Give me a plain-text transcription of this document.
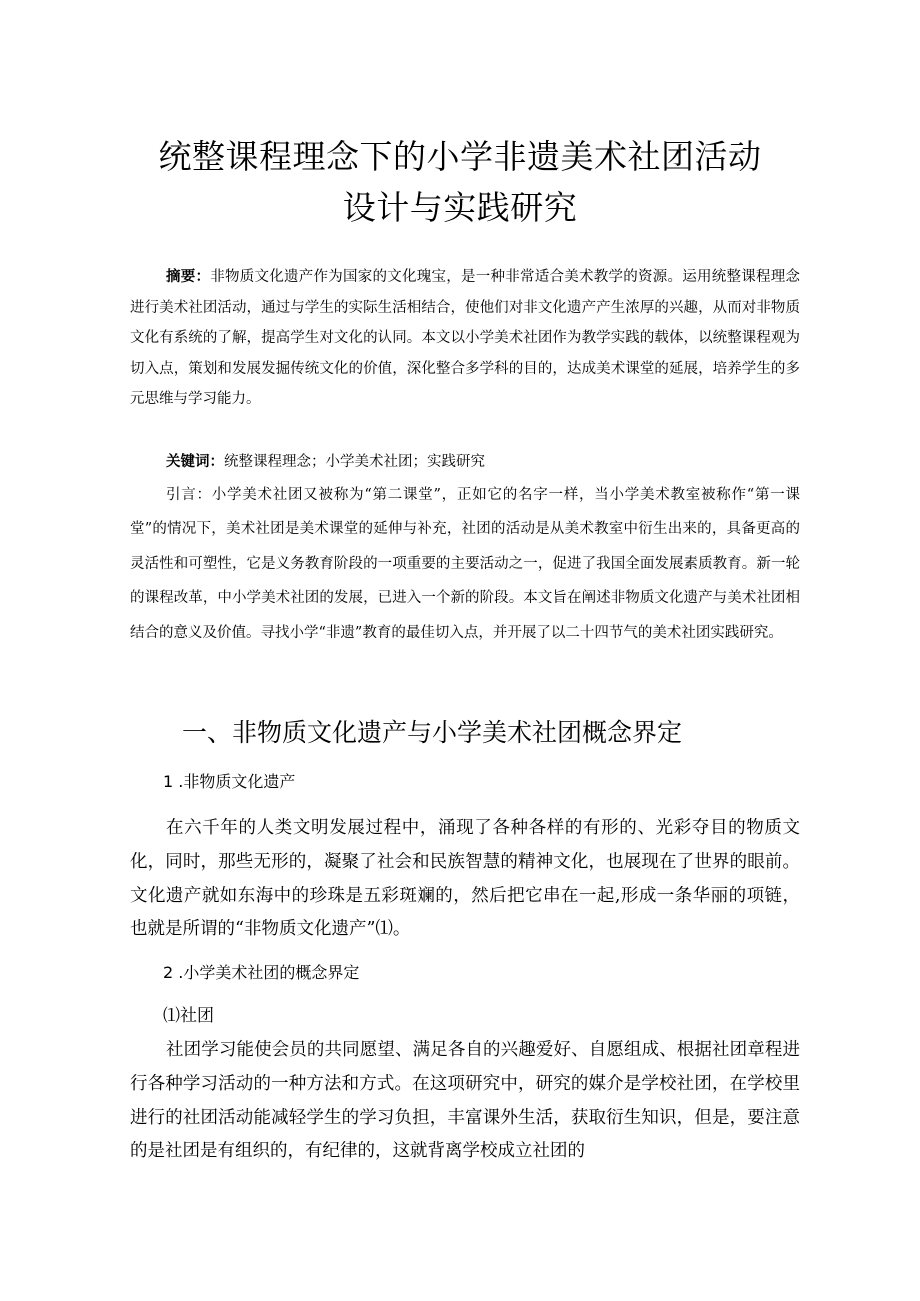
统整课程理念下的小学非遗美术社团活动
设计与实践研究
摘要：非物质文化遗产作为国家的文化瑰宝，是一种非常适合美术教学的资源。运用统整课程理念进行美术社团活动，通过与学生的实际生活相结合，使他们对非文化遗产产生浓厚的兴趣，从而对非物质文化有系统的了解，提高学生对文化的认同。本文以小学美术社团作为教学实践的载体，以统整课程观为切入点，策划和发展发掘传统文化的价值，深化整合多学科的目的，达成美术课堂的延展，培养学生的多元思维与学习能力。
关键词：统整课程理念；小学美术社团；实践研究
引言：小学美术社团又被称为“第二课堂”，正如它的名字一样，当小学美术教室被称作“第一课堂”的情况下，美术社团是美术课堂的延伸与补充，社团的活动是从美术教室中衍生出来的，具备更高的灵活性和可塑性，它是义务教育阶段的一项重要的主要活动之一，促进了我国全面发展素质教育。新一轮的课程改革，中小学美术社团的发展，已进入一个新的阶段。本文旨在阐述非物质文化遗产与美术社团相结合的意义及价值。寻找小学“非遗”教育的最佳切入点，并开展了以二十四节气的美术社团实践研究。
一、非物质文化遗产与小学美术社团概念界定
1 .非物质文化遗产
在六千年的人类文明发展过程中，涌现了各种各样的有形的、光彩夺目的物质文化，同时，那些无形的，凝聚了社会和民族智慧的精神文化，也展现在了世界的眼前。文化遗产就如东海中的珍珠是五彩斑斓的，然后把它串在一起,形成一条华丽的项链，也就是所谓的“非物质文化遗产”⑴。
2 .小学美术社团的概念界定
⑴社团
社团学习能使会员的共同愿望、满足各自的兴趣爱好、自愿组成、根据社团章程进行各种学习活动的一种方法和方式。在这项研究中，研究的媒介是学校社团，在学校里进行的社团活动能减轻学生的学习负担，丰富课外生活，获取衍生知识，但是，要注意的是社团是有组织的，有纪律的，这就背离学校成立社团的
